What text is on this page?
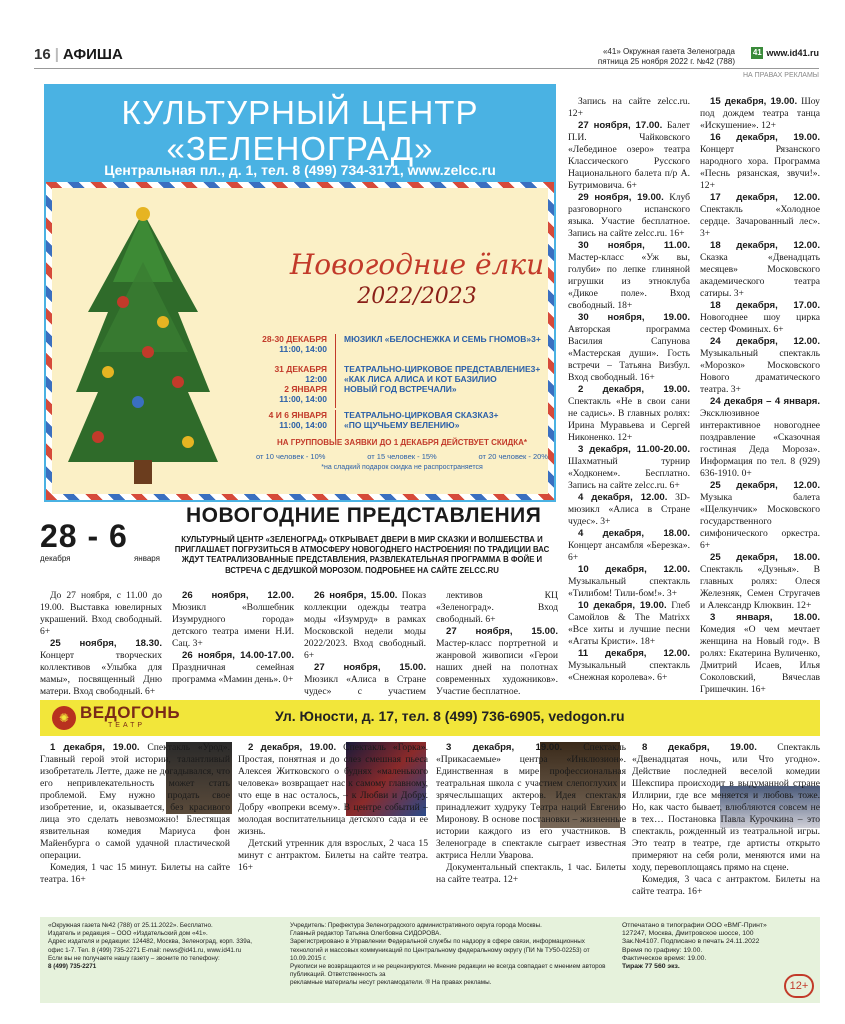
16 | АФИША	«41» Окружная газета Зеленограда
пятница 25 ноября 2022 г. №42 (788)
41 www.id41.ru
НА ПРАВАХ РЕКЛАМЫ
КУЛЬТУРНЫЙ ЦЕНТР
«ЗЕЛЕНОГРАД»
Центральная пл., д. 1, тел. 8 (499) 734-3171, www.zelcc.ru
Новогодние ёлки
2022/2023
28-30 ДЕКАБРЯ
11:00, 14:00
МЮЗИКЛ «БЕЛОСНЕЖКА И СЕМЬ ГНОМОВ»3+
31 ДЕКАБРЯ
12:00
2 ЯНВАРЯ
11:00, 14:00
ТЕАТРАЛЬНО-ЦИРКОВОЕ ПРЕДСТАВЛЕНИЕ3+
«КАК ЛИСА АЛИСА И КОТ БАЗИЛИО
НОВЫЙ ГОД ВСТРЕЧАЛИ»
4 И 6 ЯНВАРЯ
11:00, 14:00
ТЕАТРАЛЬНО-ЦИРКОВАЯ СКАЗКА3+
«ПО ЩУЧЬЕМУ ВЕЛЕНИЮ»
НА ГРУППОВЫЕ ЗАЯВКИ ДО 1 ДЕКАБРЯ ДЕЙСТВУЕТ СКИДКА*
от 10 человек - 10%	от 15 человек - 15%	от 20 человек - 20%
*на сладкий подарок скидка не распространяется
28 - 6
декабря	января
НОВОГОДНИЕ ПРЕДСТАВЛЕНИЯ
КУЛЬТУРНЫЙ ЦЕНТР «ЗЕЛЕНОГРАД» ОТКРЫВАЕТ ДВЕРИ В МИР СКАЗКИ И ВОЛШЕБСТВА И ПРИГЛАШАЕТ ПОГРУЗИТЬСЯ В АТМОСФЕРУ НОВОГОДНЕГО НАСТРОЕНИЯ! ПО ТРАДИЦИИ ВАС ЖДУТ ТЕАТРАЛИЗОВАННЫЕ ПРЕДСТАВЛЕНИЯ, РАЗВЛЕКАТЕЛЬНАЯ ПРОГРАММА В ФОЙЕ И ВСТРЕЧА С ДЕДУШКОЙ МОРОЗОМ. ПОДРОБНЕЕ НА САЙТЕ ZELCC.RU

До 27 ноября, с 11.00 до 19.00. Выставка ювелирных украшений. Вход свободный. 6+

25 ноября, 18.30. Концерт творческих коллективов «Улыбка для мамы», посвященный Дню матери. Вход свободный. 6+

26 ноября, 12.00. Мюзикл «Волшебник Изумрудного города» детского театра имени Н.И. Сац. 3+

26 ноября, 14.00-17.00. Праздничная семейная программа «Мамин день». 0+

26 ноября, 15.00. Показ коллекции одежды театра моды «Изумруд» в рамках Московской недели моды 2022/2023. Вход свободный. 6+

27 ноября, 15.00. Мюзикл «Алиса в Стране чудес» с участием

лективов КЦ «Зеленоград». Вход свободный. 6+

27 ноября, 15.00. Мастер-класс портретной и жанровой живописи «Герои наших дней на полотнах современных художников». Участие бесплатное.

Запись на сайте zelcc.ru. 12+

27 ноября, 17.00. Балет П.И. Чайковского «Лебединое озеро» театра Классического Русского Национального балета п/р А. Бутримовича. 6+

29 ноября, 19.00. Клуб разговорного испанского языка. Участие бесплатное. Запись на сайте zelcc.ru. 16+

30 ноября, 11.00. Мастер-класс «Уж вы, голуби» по лепке глиняной игрушки из этноклуба «Дикое поле». Вход свободный. 18+

30 ноября, 19.00. Авторская программа Василия Сапунова «Мастерская души». Гость встречи – Татьяна Визбул. Вход свободный. 16+

2 декабря, 19.00. Спектакль «Не в свои сани не садись». В главных ролях: Ирина Муравьева и Сергей Никоненко. 12+

3 декабря, 11.00-20.00. Шахматный турнир «Ходконем». Бесплатно. Запись на сайте zelcc.ru. 6+

4 декабря, 12.00. 3D-мюзикл «Алиса в Стране чудес». 3+

4 декабря, 18.00. Концерт ансамбля «Березка». 6+

10 декабря, 12.00. Музыкальный спектакль «Тилибом! Тили-бом!». 3+

10 декабря, 19.00. Глеб Самойлов & The Matrixx «Все хиты и лучшие песни «Агаты Кристи». 18+

11 декабря, 12.00. Музыкальный спектакль «Снежная королева». 6+

15 декабря, 19.00. Шоу под дождем театра танца «Искушение». 12+

16 декабря, 19.00. Концерт Рязанского народного хора. Программа «Песнь рязанская, звучи!». 12+

17 декабря, 12.00. Спектакль «Холодное сердце. Зачарованный лес». 3+

18 декабря, 12.00. Сказка «Двенадцать месяцев» Московского академического театра сатиры. 3+

18 декабря, 17.00. Новогоднее шоу цирка сестер Фоминых. 6+

24 декабря, 12.00. Музыкальный спектакль «Морозко» Московского Нового драматического театра. 3+

24 декабря – 4 января. Эксклюзивное интерактивное новогоднее поздравление «Сказочная гостиная Деда Мороза». Информация по тел. 8 (929) 636-1910. 0+

25 декабря, 12.00. Музыка балета «Щелкунчик» Московского государственного симфонического оркестра. 6+

25 декабря, 18.00. Спектакль «Дуэнья». В главных ролях: Олеся Железняк, Семен Стругачев и Александр Клюквин. 12+

3 января, 18.00. Комедия «О чем мечтает женщина на Новый год». В ролях: Екатерина Вуличенко, Дмитрий Исаев, Илья Соколовский, Вячеслав Гришечкин. 16+

✺ ВЕДОГОНЬ
ТЕАТР
Ул. Юности, д. 17, тел. 8 (499) 736-6905, vedogon.ru

1 декабря, 19.00. Спектакль «Урод». Главный герой этой истории, талантливый изобретатель Летте, даже не догадывался, что его непривлекательность может стать проблемой. Ему нужно продать свое изобретение, и, оказывается, без красивого лица это сделать невозможно! Блестящая язвительная комедия Мариуса фон Майенбурга о самой удачной пластической операции.

Комедия, 1 час 15 минут. Билеты на сайте театра. 16+

2 декабря, 19.00. Спектакль «Горка». Простая, понятная и до слез смешная пьеса Алексея Житковского о буднях «маленького человека» возвращает нас к самому главному, что еще в нас осталось, – к Любви и Добру. Добру «вопреки всему». В центре событий – молодая воспитательница детского сада и ее жизнь.

Детский утренник для взрослых, 2 часа 15 минут с антрактом. Билеты на сайте театра. 16+

3 декабря, 19.00. Спектакль «Прикасаемые» центра «Инклюзион». Единственная в мире профессиональная театральная школа с участием слепоглухих и зрячеслышащих актеров. Идея спектакля принадлежит худруку Театра наций Евгению Миронову. В основе постановки – жизненные истории каждого из его участников. В Зеленограде в спектакле сыграет известная актриса Нелли Уварова.

Документальный спектакль, 1 час. Билеты на сайте театра. 12+

8 декабря, 19.00. Спектакль «Двенадцатая ночь, или Что угодно». Действие последней веселой комедии Шекспира происходит в выдуманной стране Иллирии, где все меняется и любовь тоже. Но, как часто бывает, влюбляются совсем не в тех… Постановка Павла Курочкина – это спектакль, рожденный из театральной игры. Это театр в театре, где артисты открыто примеряют на себя роли, меняются ими на ходу, перевоплощаясь прямо на сцене.

Комедия, 3 часа с антрактом. Билеты на сайте театра. 16+

«Окружная газета №42 (788) от 25.11.2022». Бесплатно.
Издатель и редакция – ООО «Издательский дом «41».
Адрес издателя и редакции: 124482, Москва, Зеленоград, корп. 339а,
офис 1-7. Тел. 8 (499) 735-2271 E-mail: news@id41.ru, www.id41.ru
Если вы не получаете нашу газету – звоните по телефону:
8 (499) 735-2271
Учредитель: Префектура Зеленоградского административного округа города Москвы.
Главный редактор Татьяна Олегбовна СИДОРОВА.
Зарегистрировано в Управлении Федеральной службы по надзору в сфере связи, информационных
технологий и массовых коммуникаций по Центральному федеральному округу (ПИ № ТУ50-02253) от 10.09.2015 г.
Рукописи не возвращаются и не рецензируются. Мнение редакции не всегда совпадает с мнением авторов публикаций. Ответственность за
рекламные материалы несут рекламодатели. ® На правах рекламы.
Отпечатано в типографии ООО «ВМГ-Принт»
127247, Москва, Дмитровское шоссе, 100
Зак.№4107. Подписано в печать 24.11.2022
Время по графику: 19.00.
Фактическое время: 19.00.
Тираж 77 560 экз.
12+
